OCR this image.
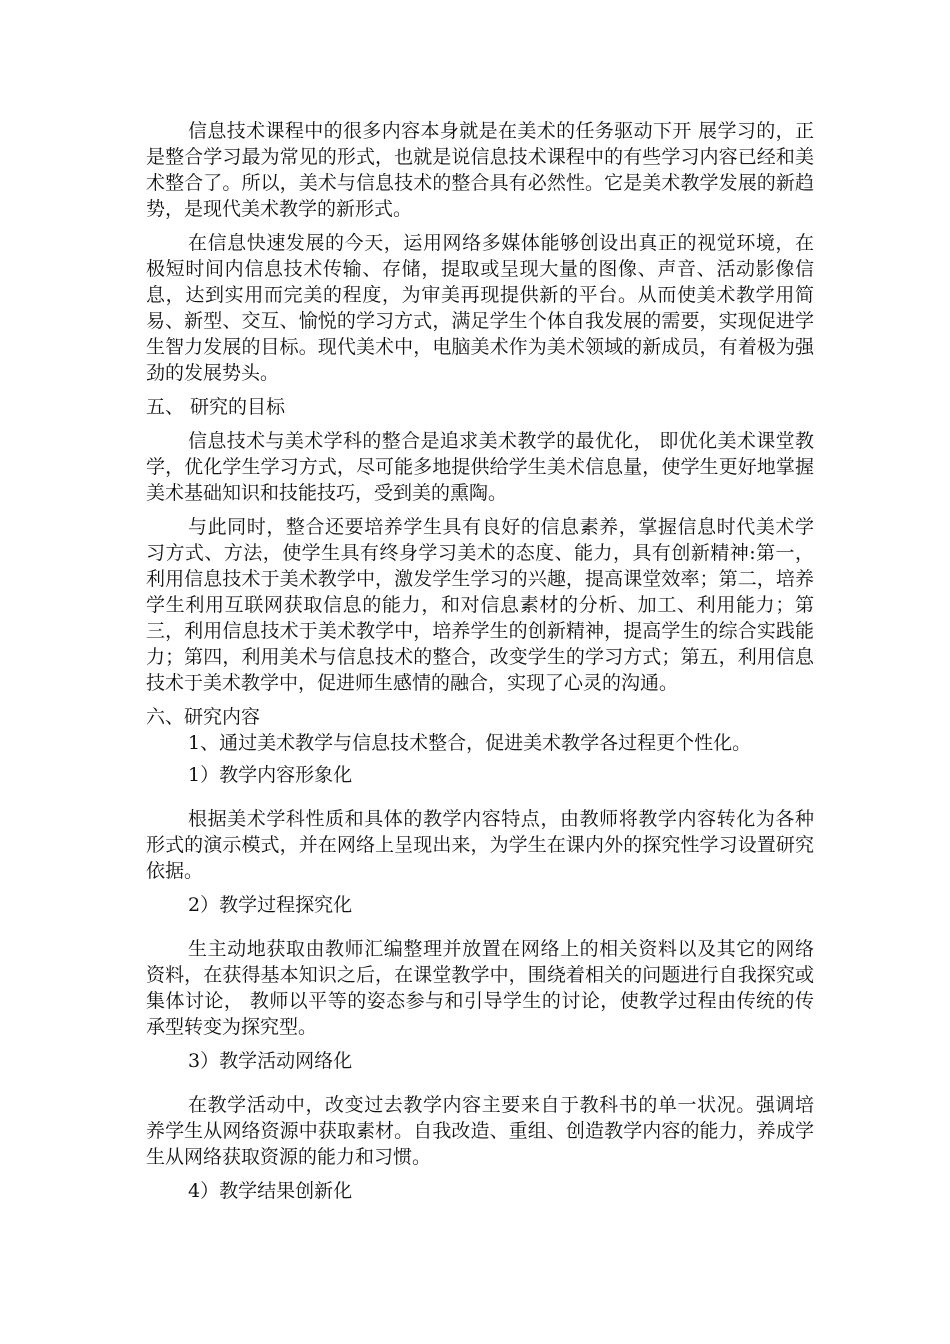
信息技术课程中的很多内容本身就是在美术的任务驱动下开 展学习的，正是整合学习最为常见的形式，也就是说信息技术课程中的有些学习内容已经和美术整合了。所以，美术与信息技术的整合具有必然性。它是美术教学发展的新趋势，是现代美术教学的新形式。

在信息快速发展的今天，运用网络多媒体能够创设出真正的视觉环境，在极短时间内信息技术传输、存储，提取或呈现大量的图像、声音、活动影像信息，达到实用而完美的程度，为审美再现提供新的平台。从而使美术教学用简易、新型、交互、愉悦的学习方式，满足学生个体自我发展的需要，实现促进学生智力发展的目标。现代美术中，电脑美术作为美术领域的新成员，有着极为强劲的发展势头。

五、 研究的目标

信息技术与美术学科的整合是追求美术教学的最优化， 即优化美术课堂教学，优化学生学习方式，尽可能多地提供给学生美术信息量，使学生更好地掌握美术基础知识和技能技巧，受到美的熏陶。

与此同时，整合还要培养学生具有良好的信息素养，掌握信息时代美术学习方式、方法，使学生具有终身学习美术的态度、能力，具有创新精神:第一，利用信息技术于美术教学中，激发学生学习的兴趣，提高课堂效率；第二，培养学生利用互联网获取信息的能力，和对信息素材的分析、加工、利用能力；第三，利用信息技术于美术教学中，培养学生的创新精神，提高学生的综合实践能力；第四，利用美术与信息技术的整合，改变学生的学习方式；第五，利用信息技术于美术教学中，促进师生感情的融合，实现了心灵的沟通。

六、研究内容

1、通过美术教学与信息技术整合，促进美术教学各过程更个性化。

1）教学内容形象化

根据美术学科性质和具体的教学内容特点，由教师将教学内容转化为各种形式的演示模式，并在网络上呈现出来，为学生在课内外的探究性学习设置研究依据。

2）教学过程探究化

生主动地获取由教师汇编整理并放置在网络上的相关资料以及其它的网络资料，在获得基本知识之后，在课堂教学中，围绕着相关的问题进行自我探究或集体讨论， 教师以平等的姿态参与和引导学生的讨论，使教学过程由传统的传承型转变为探究型。

3）教学活动网络化

在教学活动中，改变过去教学内容主要来自于教科书的单一状况。强调培养学生从网络资源中获取素材。自我改造、重组、创造教学内容的能力，养成学生从网络获取资源的能力和习惯。

4）教学结果创新化
